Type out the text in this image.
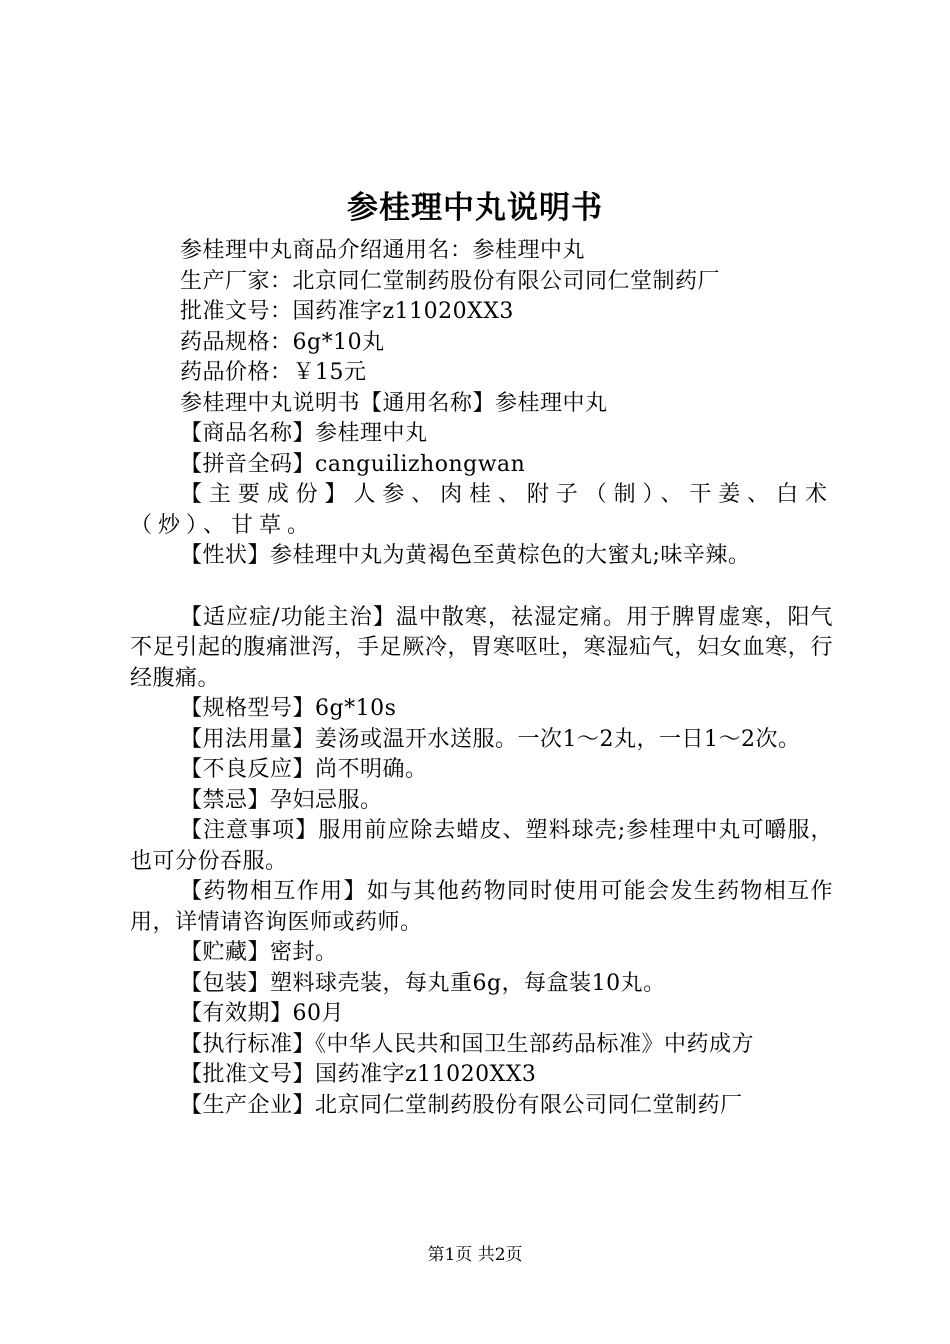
参桂理中丸说明书

参桂理中丸商品介绍通用名：参桂理中丸

生产厂家：北京同仁堂制药股份有限公司同仁堂制药厂

批准文号：国药准字z11020XX3

药品规格：6g*10丸

药品价格：￥15元

参桂理中丸说明书【通用名称】参桂理中丸

【商品名称】参桂理中丸

【拼音全码】canguilizhongwan

【主要成份】人参、肉桂、附子（制）、干姜、白术（炒）、甘草。

【性状】参桂理中丸为黄褐色至黄棕色的大蜜丸;味辛辣。

【适应症/功能主治】温中散寒，祛湿定痛。用于脾胃虚寒，阳气不足引起的腹痛泄泻，手足厥冷，胃寒呕吐，寒湿疝气，妇女血寒，行经腹痛。

【规格型号】6g*10s

【用法用量】姜汤或温开水送服。一次1～2丸，一日1～2次。

【不良反应】尚不明确。

【禁忌】孕妇忌服。

【注意事项】服用前应除去蜡皮、塑料球壳;参桂理中丸可嚼服，也可分份吞服。

【药物相互作用】如与其他药物同时使用可能会发生药物相互作用，详情请咨询医师或药师。

【贮藏】密封。

【包装】塑料球壳装，每丸重6g，每盒装10丸。

【有效期】60月

【执行标准】《中华人民共和国卫生部药品标准》中药成方

【批准文号】国药准字z11020XX3

【生产企业】北京同仁堂制药股份有限公司同仁堂制药厂

第1页 共2页
